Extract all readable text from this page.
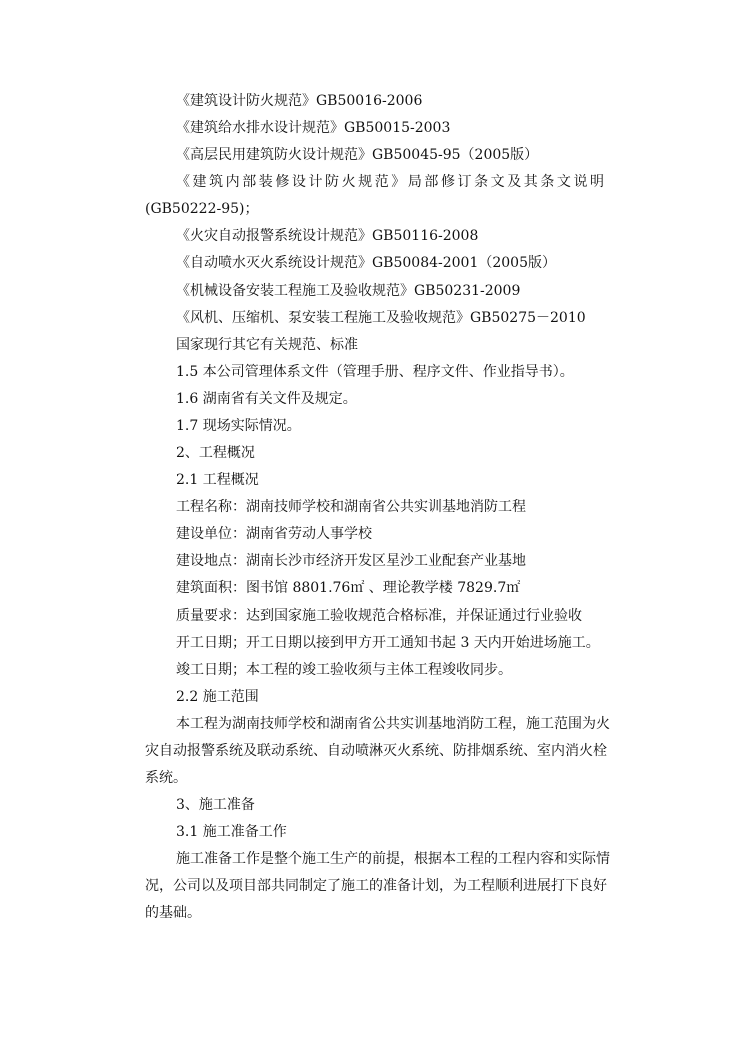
《建筑设计防火规范》GB50016-2006
《建筑给水排水设计规范》GB50015-2003
《高层民用建筑防火设计规范》GB50045-95（2005版）
《建筑内部装修设计防火规范》局部修订条文及其条文说明
(GB50222-95)；
《火灾自动报警系统设计规范》GB50116-2008
《自动喷水灭火系统设计规范》GB50084-2001（2005版）
《机械设备安装工程施工及验收规范》GB50231-2009
《风机、压缩机、泵安装工程施工及验收规范》GB50275－2010
国家现行其它有关规范、标准
1.5 本公司管理体系文件（管理手册、程序文件、作业指导书）。
1.6 湖南省有关文件及规定。
1.7 现场实际情况。
2、工程概况
2.1 工程概况
工程名称：湖南技师学校和湖南省公共实训基地消防工程
建设单位：湖南省劳动人事学校
建设地点：湖南长沙市经济开发区星沙工业配套产业基地
建筑面积：图书馆 8801.76㎡ 、理论教学楼 7829.7㎡
质量要求：达到国家施工验收规范合格标准，并保证通过行业验收
开工日期；开工日期以接到甲方开工通知书起 3 天内开始进场施工。
竣工日期；本工程的竣工验收须与主体工程竣收同步。
2.2 施工范围
本工程为湖南技师学校和湖南省公共实训基地消防工程，施工范围为火
灾自动报警系统及联动系统、自动喷淋灭火系统、防排烟系统、室内消火栓
系统。
3、施工准备
3.1 施工准备工作
施工准备工作是整个施工生产的前提，根据本工程的工程内容和实际情
况，公司以及项目部共同制定了施工的准备计划，为工程顺利进展打下良好
的基础。
